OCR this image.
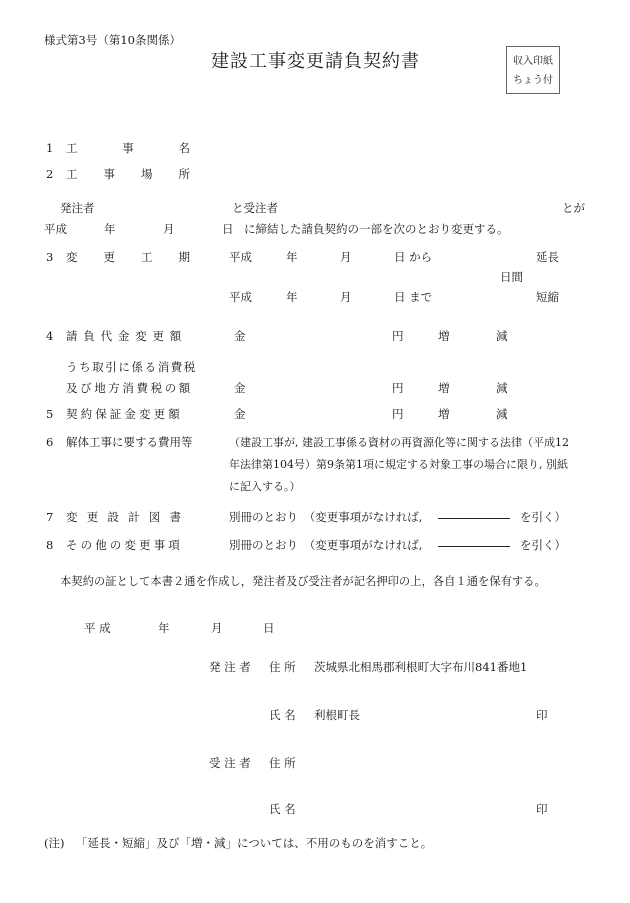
様式第3号（第10条関係）
建設工事変更請負契約書	収入印紙
ちょう付
1 工	事	名
2 工 事 場 所
発注者	と受注者	とが
平成	年	月	日 に締結した請負契約の一部を次のとおり変更する。
3 変 更 工 期	平成	年	月	日 から	延長
日間
平成	年	月	日 まで	短縮
4 請負代金変更額	金	円	増	減
うち取引に係る消費税
及び地方消費税の額	金	円	増	減
5 契約保証金変更額	金	円	増	減
6 解体工事に要する費用等	（建設工事が, 建設工事係る資材の再資源化等に関する法律（平成12
年法律第104号）第9条第1項に規定する対象工事の場合に限り, 別紙
に記入する。）
7 変更設計図書	別冊のとおり　（変更事項がなければ,	を引く）
8 その他の変更事項	別冊のとおり　（変更事項がなければ,	を引く）
本契約の証として本書２通を作成し，発注者及び受注者が記名押印の上，各自１通を保有する。
平 成	年	月	日
発 注 者 住 所 茨城県北相馬郡利根町大字布川841番地1
氏 名 利根町長	印
受 注 者 住 所
氏 名	印
(注) 「延長・短縮」及び「増・減」については、不用のものを消すこと。
